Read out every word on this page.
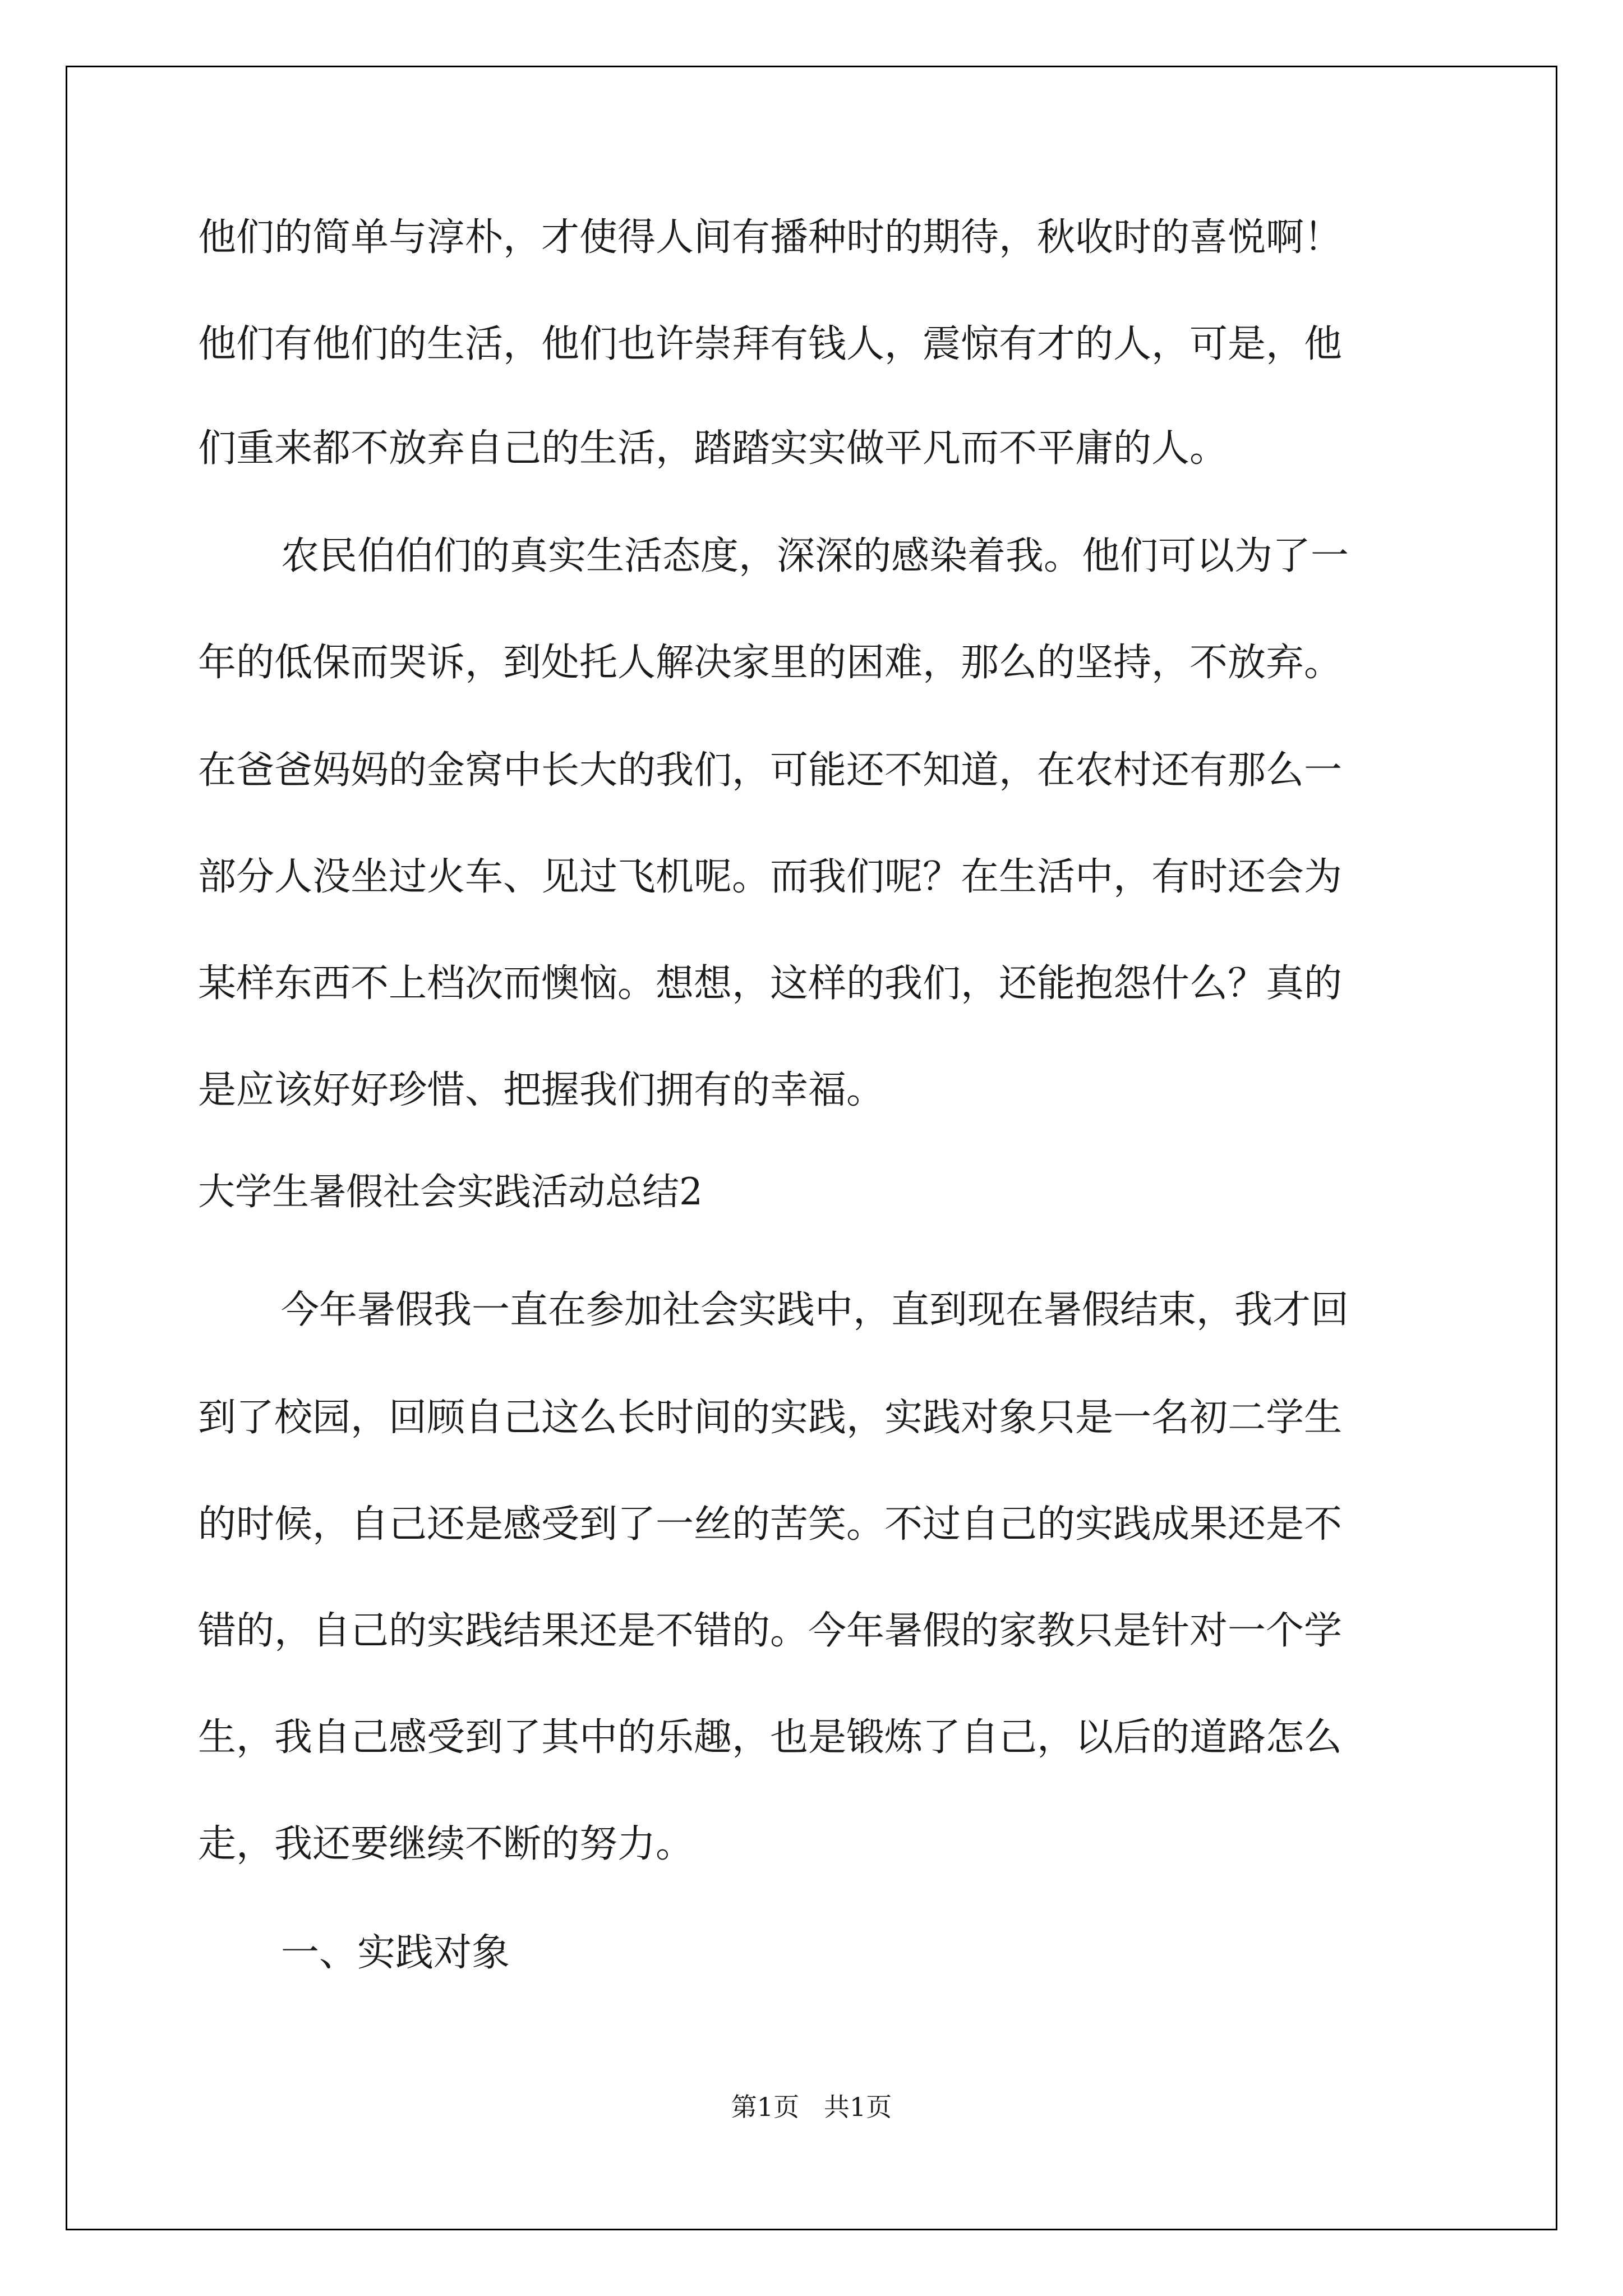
他们的简单与淳朴，才使得人间有播种时的期待，秋收时的喜悦啊！
他们有他们的生活，他们也许崇拜有钱人，震惊有才的人，可是，他
们重来都不放弃自己的生活，踏踏实实做平凡而不平庸的人。
农民伯伯们的真实生活态度，深深的感染着我。他们可以为了一
年的低保而哭诉，到处托人解决家里的困难，那么的坚持，不放弃。
在爸爸妈妈的金窝中长大的我们，可能还不知道，在农村还有那么一
部分人没坐过火车、见过飞机呢。而我们呢？在生活中，有时还会为
某样东西不上档次而懊恼。想想，这样的我们，还能抱怨什么？真的
是应该好好珍惜、把握我们拥有的幸福。
大学生暑假社会实践活动总结2
今年暑假我一直在参加社会实践中，直到现在暑假结束，我才回
到了校园，回顾自己这么长时间的实践，实践对象只是一名初二学生
的时候，自己还是感受到了一丝的苦笑。不过自己的实践成果还是不
错的，自己的实践结果还是不错的。今年暑假的家教只是针对一个学
生，我自己感受到了其中的乐趣，也是锻炼了自己，以后的道路怎么
走，我还要继续不断的努力。
一、实践对象
第1页   共1页
